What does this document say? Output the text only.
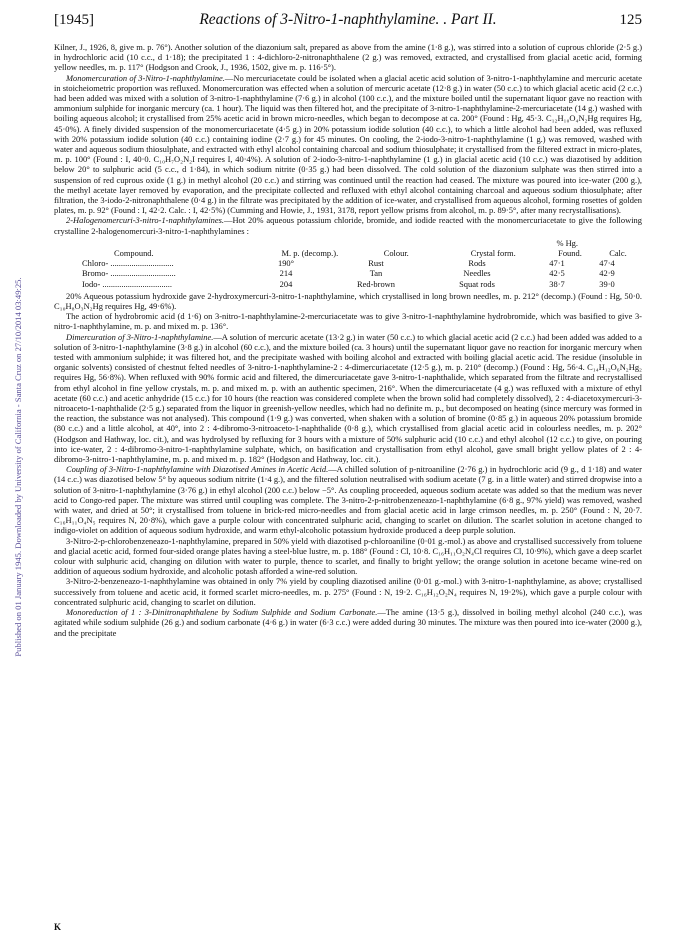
Published on 01 January 1945. Downloaded by University of California - Santa Cruz on 27/10/2014 03:49:25.
[1945]	Reactions of 3-Nitro-1-naphthylamine. . Part II.	125

Kilner, J., 1926, 8, give m. p. 76°). Another solution of the diazonium salt, prepared as above from the amine (1·8 g.), was stirred into a solution of cuprous chloride (2·5 g.) in hydrochloric acid (10 c.c., d 1·18); the precipitated 1 : 4-dichloro-2-nitronaphthalene (2 g.) was removed, extracted, and crystallised from glacial acetic acid, forming yellow needles, m. p. 117° (Hodgson and Crook, J., 1936, 1502, give m. p. 116·5°).

Monomercuration of 3-Nitro-1-naphthylamine.—No mercuriacetate could be isolated when a glacial acetic acid solution of 3-nitro-1-naphthylamine and mercuric acetate in stoicheiometric proportion was refluxed. Monomercuration was effected when a solution of mercuric acetate (12·8 g.) in water (50 c.c.) to which glacial acetic acid (2 c.c.) had been added was mixed with a solution of 3-nitro-1-naphthylamine (7·6 g.) in alcohol (100 c.c.), and the mixture boiled until the supernatant liquor gave no reaction with ammonium sulphide for inorganic mercury (ca. 1 hour). The liquid was then filtered hot, and the precipitate of 3-nitro-1-naphthylamine-2-mercuriacetate (14 g.) washed with boiling aqueous alcohol; it crystallised from 25% acetic acid in brown micro-needles, which began to decompose at ca. 200° (Found : Hg, 45·3. C₁₂H₁₀O₄N₂Hg requires Hg, 45·0%). A finely divided suspension of the monomercuriacetate (4·5 g.) in 20% potassium iodide solution (40 c.c.), to which a little alcohol had been added, was refluxed with 20% potassium iodide solution (40 c.c.) containing iodine (2·7 g.) for 45 minutes. On cooling, the 2-iodo-3-nitro-1-naphthylamine (1 g.) was removed, washed with water and aqueous sodium thiosulphate, and extracted with ethyl alcohol containing charcoal and sodium thiosulphate; it crystallised from the filtered extract in micro-plates, m. p. 100° (Found : I, 40·0. C₁₀H₇O₂N₂I requires I, 40·4%). A solution of 2-iodo-3-nitro-1-naphthylamine (1 g.) in glacial acetic acid (10 c.c.) was diazotised by addition below 20° to sulphuric acid (5 c.c., d 1·84), in which sodium nitrite (0·35 g.) had been dissolved. The cold solution of the diazonium sulphate was then stirred into a suspension of red cuprous oxide (1 g.) in methyl alcohol (20 c.c.) and stirring was continued until the reaction had ceased. The mixture was poured into ice-water (200 g.), the methyl acetate layer removed by evaporation, and the precipitate collected and refluxed with ethyl alcohol containing charcoal and aqueous sodium thiosulphate; after filtration, the 3-iodo-2-nitronaphthalene (0·4 g.) in the filtrate was precipitated by the addition of ice-water, and crystallised from aqueous alcohol, forming rosettes of golden plates, m. p. 92° (Found : I, 42·2. Calc. : I, 42·5%) (Cumming and Howie, J., 1931, 3178, report yellow prisms from alcohol, m. p. 89·5°, after many recrystallisations).

2-Halogenomercuri-3-nitro-1-naphthylamines.—Hot 20% aqueous potassium chloride, bromide, and iodide reacted with the monomercuriacetate to give the following crystalline 2-halogenomercuri-3-nitro-1-naphthylamines :

% Hg.
Compound.	M. p. (decomp.).	Colour.	Crystal form.	Found.	Calc.
Chloro- ..............................	190°	Rust	Rods	47·1	47·4
Bromo- ...............................	214	Tan	Needles	42·5	42·9
Iodo- .................................	204	Red-brown	Squat rods	38·7	39·0

20% Aqueous potassium hydroxide gave 2-hydroxymercuri-3-nitro-1-naphthylamine, which crystallised in long brown needles, m. p. 212° (decomp.) (Found : Hg, 50·0. C₁₀H₈O₃N₂Hg requires Hg, 49·6%).

The action of hydrobromic acid (d 1·6) on 3-nitro-1-naphthylamine-2-mercuriacetate was to give 3-nitro-1-naphthylamine hydrobromide, which was basified to give 3-nitro-1-naphthylamine, m. p. and mixed m. p. 136°.

Dimercuration of 3-Nitro-1-naphthylamine.—A solution of mercuric acetate (13·2 g.) in water (50 c.c.) to which glacial acetic acid (2 c.c.) had been added was added to a solution of 3-nitro-1-naphthylamine (3·8 g.) in alcohol (60 c.c.), and the mixture boiled (ca. 3 hours) until the supernatant liquor gave no reaction for inorganic mercury when tested with ammonium sulphide; it was filtered hot, and the precipitate washed with boiling alcohol and extracted with boiling glacial acetic acid. The residue (insoluble in organic solvents) consisted of chestnut felted needles of 3-nitro-1-naphthylamine-2 : 4-dimercuriacetate (12·5 g.), m. p. 210° (decomp.) (Found : Hg, 56·4. C₁₄H₁₂O₆N₂Hg₂ requires Hg, 56·8%). When refluxed with 90% formic acid and filtered, the dimercuriacetate gave 3-nitro-1-naphthalide, which separated from the filtrate and recrystallised from ethyl alcohol in fine yellow crystals, m. p. and mixed m. p. with an authentic specimen, 216°. When the dimercuriacetate (4 g.) was refluxed with a mixture of ethyl acetate (60 c.c.) and acetic anhydride (15 c.c.) for 10 hours (the reaction was considered complete when the brown solid had completely dissolved), 2 : 4-diacetoxymercuri-3-nitroaceto-1-naphthalide (2·5 g.) separated from the liquor in greenish-yellow needles, which had no definite m. p., but decomposed on heating (since mercury was formed in the reaction, the substance was not analysed). This compound (1·9 g.) was converted, when shaken with a solution of bromine (0·85 g.) in aqueous 20% potassium bromide (80 c.c.) and a little alcohol, at 40°, into 2 : 4-dibromo-3-nitroaceto-1-naphthalide (0·8 g.), which crystallised from glacial acetic acid in colourless needles, m. p. 202° (Hodgson and Hathway, loc. cit.), and was hydrolysed by refluxing for 3 hours with a mixture of 50% sulphuric acid (10 c.c.) and ethyl alcohol (12 c.c.) to give, on pouring into ice-water, 2 : 4-dibromo-3-nitro-1-naphthylamine sulphate, which, on basification and crystallisation from ethyl alcohol, gave small bright yellow plates of 2 : 4-dibromo-3-nitro-1-naphthylamine, m. p. and mixed m. p. 182° (Hodgson and Hathway, loc. cit.).

Coupling of 3-Nitro-1-naphthylamine with Diazotised Amines in Acetic Acid.—A chilled solution of p-nitroaniline (2·76 g.) in hydrochloric acid (9 g., d 1·18) and water (14 c.c.) was diazotised below 5° by aqueous sodium nitrite (1·4 g.), and the filtered solution neutralised with sodium acetate (7 g. in a little water) and stirred dropwise into a solution of 3-nitro-1-naphthylamine (3·76 g.) in ethyl alcohol (200 c.c.) below −5°. As coupling proceeded, aqueous sodium acetate was added so that the medium was never acid to Congo-red paper. The mixture was stirred until coupling was complete. The 3-nitro-2-p-nitrobenzeneazo-1-naphthylamine (6·8 g., 97% yield) was removed, washed with water, and dried at 50°; it crystallised from toluene in brick-red micro-needles and from glacial acetic acid in large crimson needles, m. p. 250° (Found : N, 20·7. C₁₆H₁₁O₄N₅ requires N, 20·8%), which gave a purple colour with concentrated sulphuric acid, changing to scarlet on dilution. The scarlet solution in acetone changed to indigo-violet on addition of aqueous sodium hydroxide, and warm ethyl-alcoholic potassium hydroxide produced a deep purple solution.

3-Nitro-2-p-chlorobenzeneazo-1-naphthylamine, prepared in 50% yield with diazotised p-chloroaniline (0·01 g.-mol.) as above and crystallised successively from toluene and glacial acetic acid, formed four-sided orange plates having a steel-blue lustre, m. p. 188° (Found : Cl, 10·8. C₁₆H₁₁O₂N₄Cl requires Cl, 10·9%), which gave a deep scarlet colour with sulphuric acid, changing on dilution with water to purple, thence to scarlet, and finally to bright yellow; the orange solution in acetone became wine-red on addition of aqueous sodium hydroxide, and alcoholic potash afforded a wine-red solution.

3-Nitro-2-benzeneazo-1-naphthylamine was obtained in only 7% yield by coupling diazotised aniline (0·01 g.-mol.) with 3-nitro-1-naphthylamine, as above; crystallised successively from toluene and acetic acid, it formed scarlet micro-needles, m. p. 275° (Found : N, 19·2. C₁₆H₁₂O₂N₄ requires N, 19·2%), which gave a purple colour with concentrated sulphuric acid, changing to scarlet on dilution.

Monoreduction of 1 : 3-Dinitronaphthalene by Sodium Sulphide and Sodium Carbonate.—The amine (13·5 g.), dissolved in boiling methyl alcohol (240 c.c.), was agitated while sodium sulphide (26 g.) and sodium carbonate (4·6 g.) in water (6·3 c.c.) were added during 30 minutes. The mixture was then poured into ice-water (2000 g.), and the precipitate

K
